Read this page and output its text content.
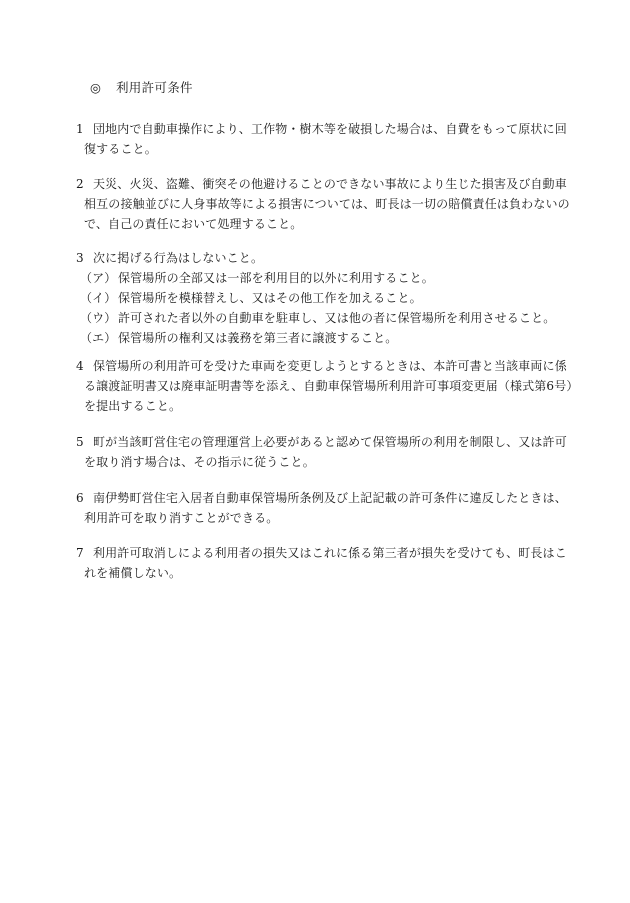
◎ 利用許可条件
1 団地内で自動車操作により、工作物・樹木等を破損した場合は、自費をもって原状に回
復すること。
2 天災、火災、盗難、衝突その他避けることのできない事故により生じた損害及び自動車
相互の接触並びに人身事故等による損害については、町長は一切の賠償責任は負わないの
で、自己の責任において処理すること。
3 次に掲げる行為はしないこと。
（ア） 保管場所の全部又は一部を利用目的以外に利用すること。
（イ） 保管場所を模様替えし、又はその他工作を加えること。
（ウ） 許可された者以外の自動車を駐車し、又は他の者に保管場所を利用させること。
（エ） 保管場所の権利又は義務を第三者に譲渡すること。
4 保管場所の利用許可を受けた車両を変更しようとするときは、本許可書と当該車両に係
る譲渡証明書又は廃車証明書等を添え、自動車保管場所利用許可事項変更届（様式第6号）
を提出すること。
5 町が当該町営住宅の管理運営上必要があると認めて保管場所の利用を制限し、又は許可
を取り消す場合は、その指示に従うこと。
6 南伊勢町営住宅入居者自動車保管場所条例及び上記記載の許可条件に違反したときは、
利用許可を取り消すことができる。
7 利用許可取消しによる利用者の損失又はこれに係る第三者が損失を受けても、町長はこ
れを補償しない。
